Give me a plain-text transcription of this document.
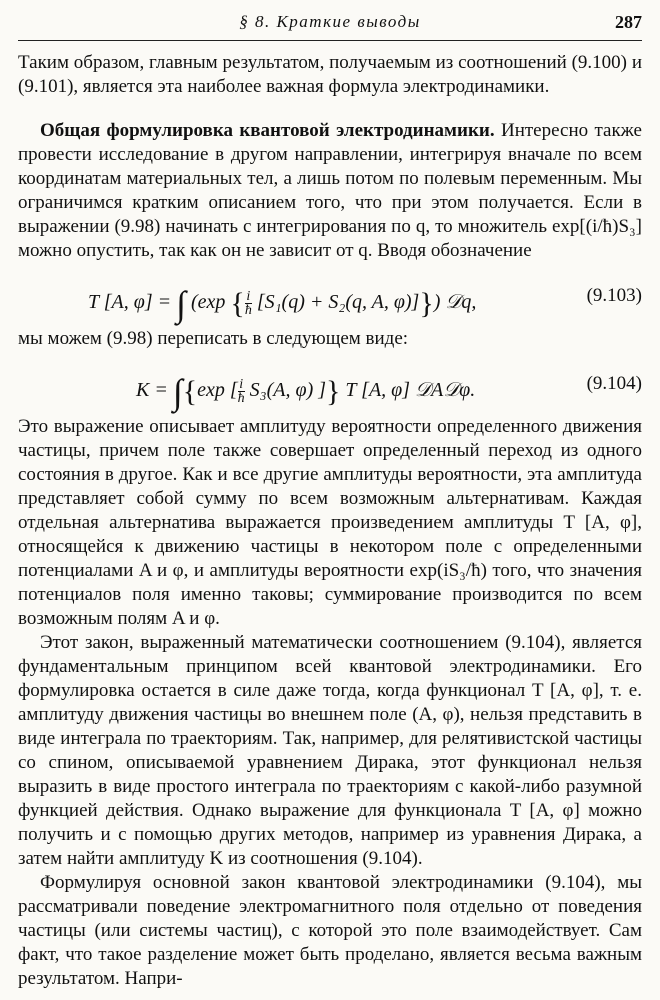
§ 8. Краткие выводы	287

Таким образом, главным результатом, получаемым из соотношений (9.100) и (9.101), является эта наиболее важная формула электродинамики.

Общая формулировка квантовой электродинамики. Интересно также провести исследование в другом направлении, интегрируя вначале по всем координатам материальных тел, а лишь потом по полевым переменным. Мы ограничимся кратким описанием того, что при этом получается. Если в выражении (9.98) начинать с интегрирования по q, то множитель exp[(i/ħ)S₃] можно опустить, так как он не зависит от q. Вводя обозначение

T [A, φ] = ∫ (exp { $\frac{i}{ħ} [S_1(q) + S_2(q$, A, φ)]}) 𝒟q,	(9.103)

мы можем (9.98) переписать в следующем виде:

K = ∫{exp [ $\frac{i}{ħ} S_3(A$, φ) ]} T [A, φ] 𝒟A𝒟φ.	(9.104)

Это выражение описывает амплитуду вероятности определенного движения частицы, причем поле также совершает определенный переход из одного состояния в другое. Как и все другие амплитуды вероятности, эта амплитуда представляет собой сумму по всем возможным альтернативам. Каждая отдельная альтернатива выражается произведением амплитуды T [A, φ], относящейся к движению частицы в некотором поле с определенными потенциалами A и φ, и амплитуды вероятности exp(iS₃/ħ) того, что значения потенциалов поля именно таковы; суммирование производится по всем возможным полям A и φ.

Этот закон, выраженный математически соотношением (9.104), является фундаментальным принципом всей квантовой электродинамики. Его формулировка остается в силе даже тогда, когда функционал T [A, φ], т. е. амплитуду движения частицы во внешнем поле (A, φ), нельзя представить в виде интеграла по траекториям. Так, например, для релятивистской частицы со спином, описываемой уравнением Дирака, этот функционал нельзя выразить в виде простого интеграла по траекториям с какой-либо разумной функцией действия. Однако выражение для функционала T [A, φ] можно получить и с помощью других методов, например из уравнения Дирака, а затем найти амплитуду K из соотношения (9.104).

Формулируя основной закон квантовой электродинамики (9.104), мы рассматривали поведение электромагнитного поля отдельно от поведения частицы (или системы частиц), с которой это поле взаимодействует. Сам факт, что такое разделение может быть проделано, является весьма важным результатом. Напри-
